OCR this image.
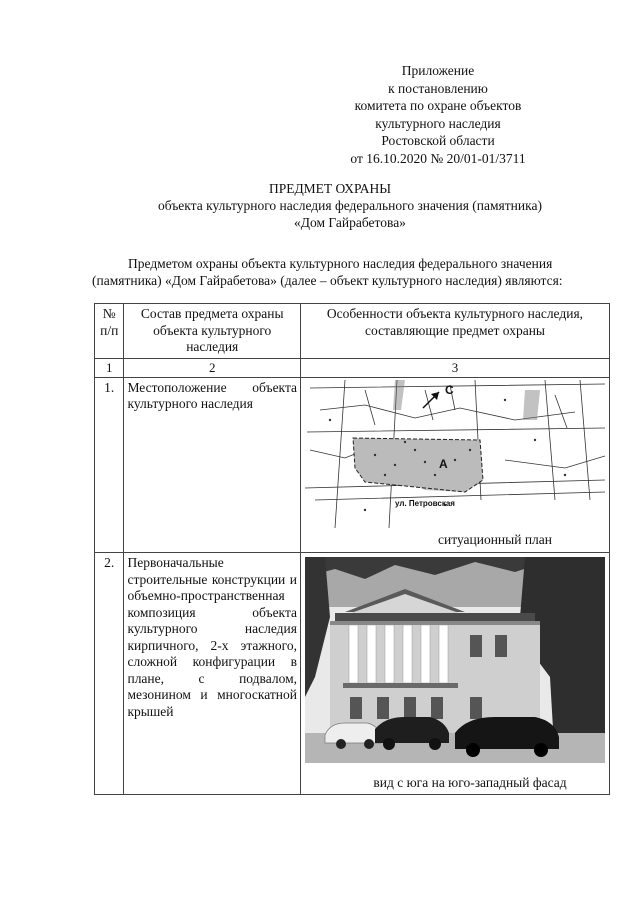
Приложение
к постановлению
комитета по охране объектов
культурного наследия
Ростовской области
от 16.10.2020 № 20/01-01/3711
ПРЕДМЕТ ОХРАНЫ
объекта культурного наследия федерального значения (памятника)
«Дом Гайрабетова»
Предметом охраны объекта культурного наследия федерального значения (памятника) «Дом Гайрабетова» (далее – объект культурного наследия) являются:
№ п/п	Состав предмета охраны объекта культурного наследия	Особенности объекта культурного наследия, составляющие предмет охраны
1	2	3
1.	Местоположение объекта культурного наследия	С
А
ул. Петровская
ситуационный план

2.	Первоначальные строительные конструкции и объемно-пространственная композиция объекта культурного наследия кирпичного, 2-х этажного, сложной конфигурации в плане, с подвалом, мезонином и многоскатной крышей	вид с юга на юго-западный фасад
